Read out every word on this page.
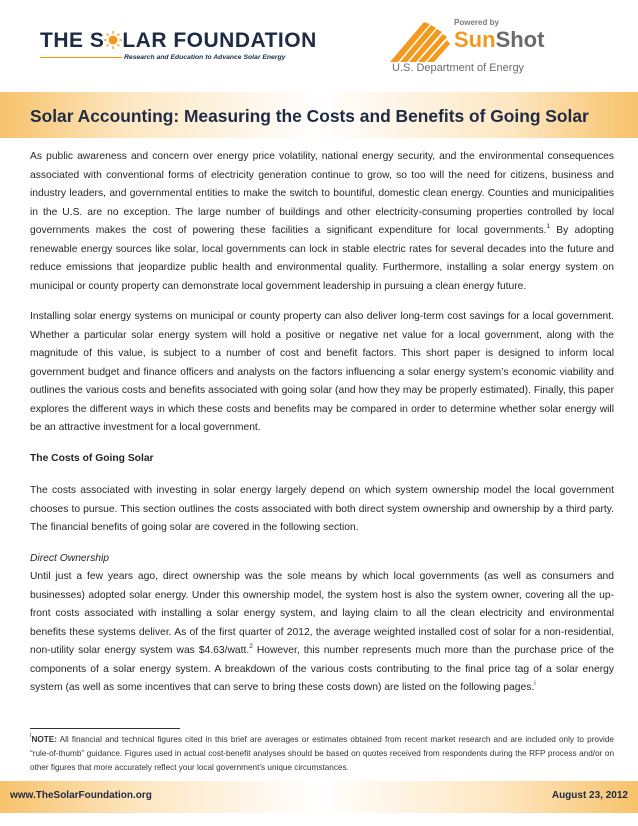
THE S LAR FOUNDATION
Research and Education to Advance Solar Energy
Powered by
SunShot
U.S. Department of Energy
Solar Accounting: Measuring the Costs and Benefits of Going Solar

As public awareness and concern over energy price volatility, national energy security, and the environmental consequences associated with conventional forms of electricity generation continue to grow, so too will the need for citizens, business and industry leaders, and governmental entities to make the switch to bountiful, domestic clean energy. Counties and municipalities in the U.S. are no exception. The large number of buildings and other electricity-consuming properties controlled by local governments makes the cost of powering these facilities a significant expenditure for local governments.$^1$ By adopting renewable energy sources like solar, local governments can lock in stable electric rates for several decades into the future and reduce emissions that jeopardize public health and environmental quality. Furthermore, installing a solar energy system on municipal or county property can demonstrate local government leadership in pursuing a clean energy future.

Installing solar energy systems on municipal or county property can also deliver long-term cost savings for a local government. Whether a particular solar energy system will hold a positive or negative net value for a local government, along with the magnitude of this value, is subject to a number of cost and benefit factors. This short paper is designed to inform local government budget and finance officers and analysts on the factors influencing a solar energy system’s economic viability and outlines the various costs and benefits associated with going solar (and how they may be properly estimated). Finally, this paper explores the different ways in which these costs and benefits may be compared in order to determine whether solar energy will be an attractive investment for a local government.

The Costs of Going Solar

The costs associated with investing in solar energy largely depend on which system ownership model the local government chooses to pursue. This section outlines the costs associated with both direct system ownership and ownership by a third party. The financial benefits of going solar are covered in the following section.

Direct Ownership

Until just a few years ago, direct ownership was the sole means by which local governments (as well as consumers and businesses) adopted solar energy. Under this ownership model, the system host is also the system owner, covering all the up-front costs associated with installing a solar energy system, and laying claim to all the clean electricity and environmental benefits these systems deliver. As of the first quarter of 2012, the average weighted installed cost of solar for a non-residential, non-utility solar energy system was $4.63/watt.$^2$ However, this number represents much more than the purchase price of the components of a solar energy system. A breakdown of the various costs contributing to the final price tag of a solar energy system (as well as some incentives that can serve to bring these costs down) are listed on the following pages.$^i$

$^i$NOTE: All financial and technical figures cited in this brief are averages or estimates obtained from recent market research and are included only to provide “rule-of-thumb” guidance. Figures used in actual cost-benefit analyses should be based on quotes received from respondents during the RFP process and/or on other figures that more accurately reflect your local government’s unique circumstances.
www.TheSolarFoundation.org	August 23, 2012
